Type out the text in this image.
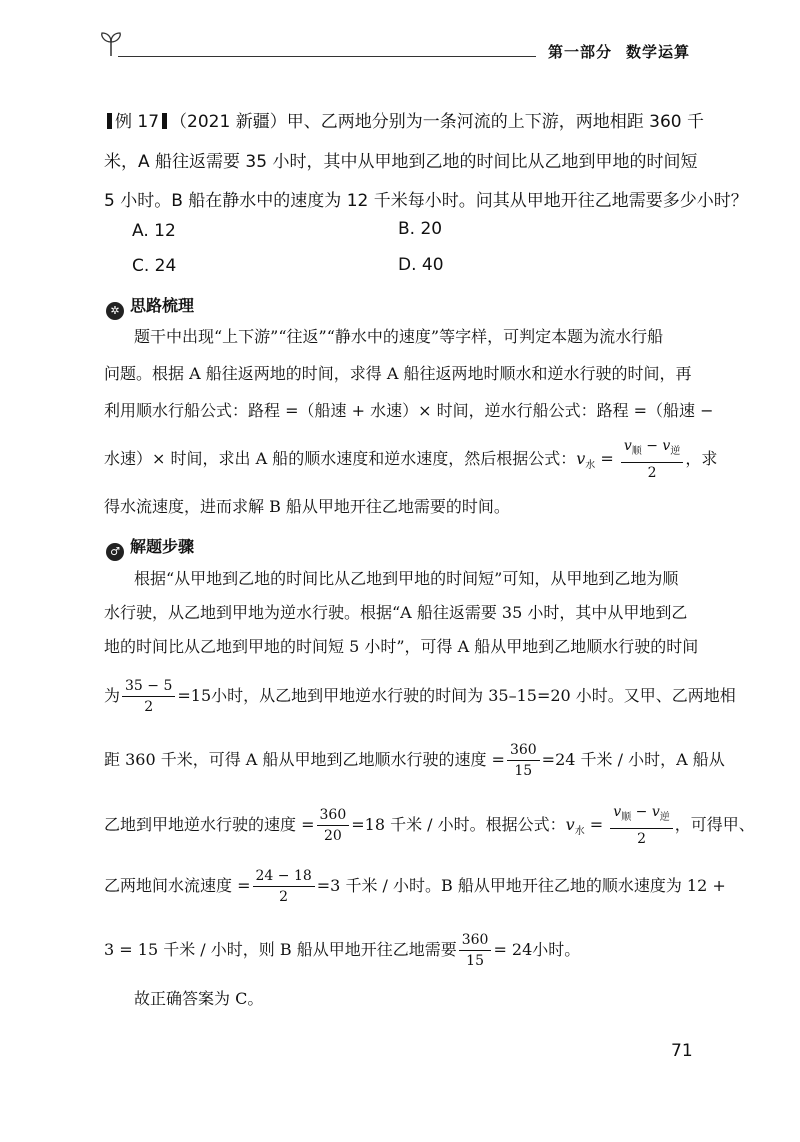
第一部分 数学运算
例 17 （2021 新疆）甲、乙两地分别为一条河流的上下游，两地相距 360 千
米，A 船往返需要 35 小时，其中从甲地到乙地的时间比从乙地到甲地的时间短
5 小时。B 船在静水中的速度为 12 千米每小时。问其从甲地开往乙地需要多少小时？
A. 12	B. 20
C. 24	D. 40
✲ 思路梳理
题干中出现“上下游”“往返”“静水中的速度”等字样，可判定本题为流水行船
问题。根据 A 船往返两地的时间，求得 A 船往返两地时顺水和逆水行驶的时间，再
利用顺水行船公式：路程 =（船速 + 水速）× 时间，逆水行船公式：路程 =（船速 −
水速）× 时间，求出 A 船的顺水速度和逆水速度，然后根据公式：$v_水 = \frac{v_顺 - v_逆}{2}$ ，求
得水流速度，进而求解 B 船从甲地开往乙地需要的时间。
♂ 解题步骤
根据“从甲地到乙地的时间比从乙地到甲地的时间短”可知，从甲地到乙地为顺
水行驶，从乙地到甲地为逆水行驶。根据“A 船往返需要 35 小时，其中从甲地到乙
地的时间比从乙地到甲地的时间短 5 小时”，可得 A 船从甲地到乙地顺水行驶的时间
为 $\frac{35 - 5}{2} =15$小时，从乙地到甲地逆水行驶的时间为 35–15=20 小时。又甲、乙两地相
距 360 千米，可得 A 船从甲地到乙地顺水行驶的速度 = $\frac{360}{15} =24$ 千米 / 小时，A 船从
乙地到甲地逆水行驶的速度 = $\frac{360}{20} =18$ 千米 / 小时。根据公式：$v_水 = \frac{v_顺 - v_逆}{2}$ ，可得甲、
乙两地间水流速度 = $\frac{24 - 18}{2} =3$ 千米 / 小时。B 船从甲地开往乙地的顺水速度为 12 +
3 = 15 千米 / 小时，则 B 船从甲地开往乙地需要 $\frac{360}{15} = 24$小时。
故正确答案为 C。
71
